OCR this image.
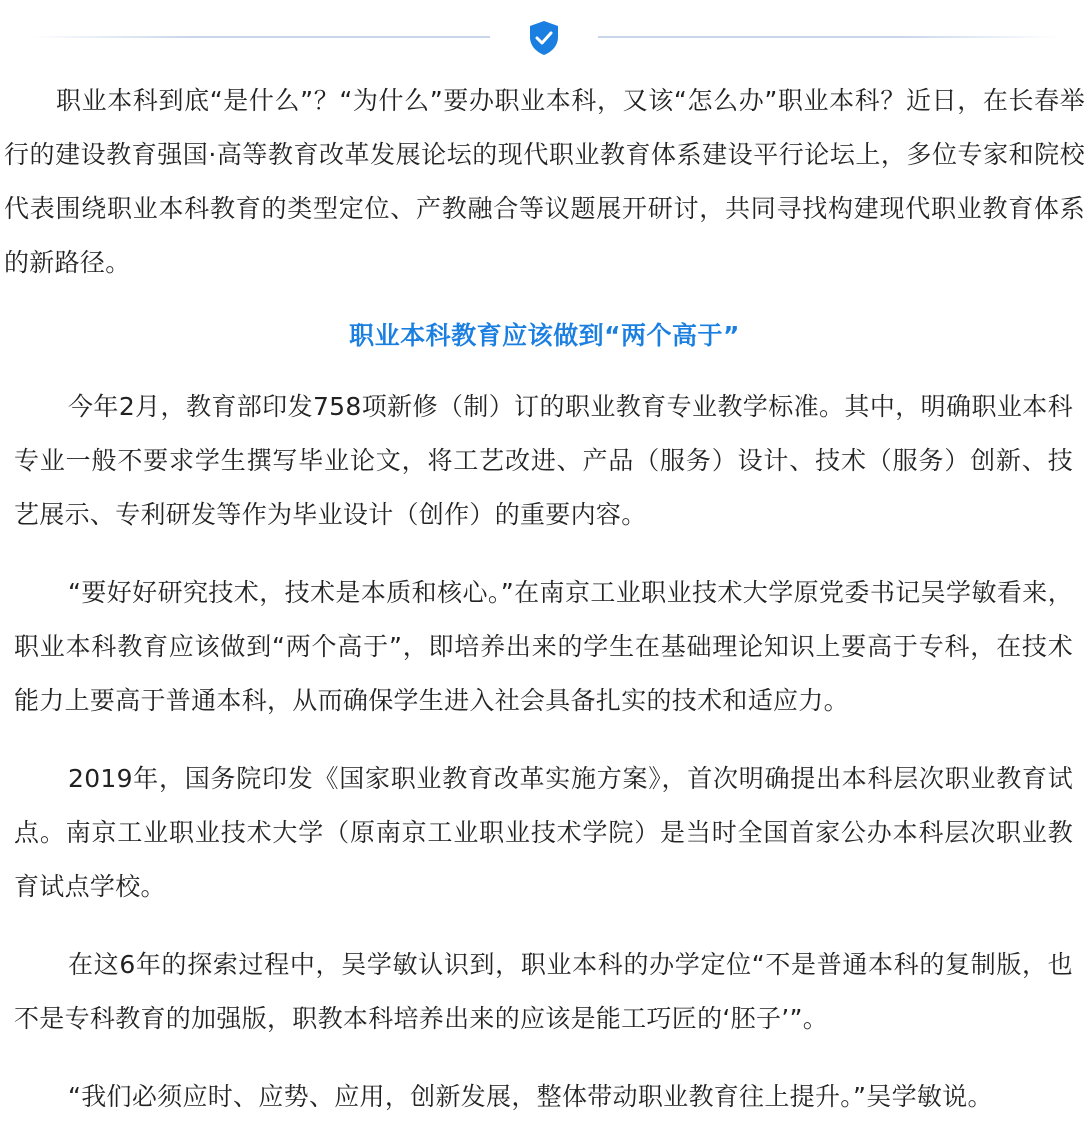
职业本科到底“是什么”？“为什么”要办职业本科，又该“怎么办”职业本科？近日，在长春举行的建设教育强国·高等教育改革发展论坛的现代职业教育体系建设平行论坛上，多位专家和院校代表围绕职业本科教育的类型定位、产教融合等议题展开研讨，共同寻找构建现代职业教育体系的新路径。

职业本科教育应该做到“两个高于”

今年2月，教育部印发758项新修（制）订的职业教育专业教学标准。其中，明确职业本科专业一般不要求学生撰写毕业论文，将工艺改进、产品（服务）设计、技术（服务）创新、技艺展示、专利研发等作为毕业设计（创作）的重要内容。

“要好好研究技术，技术是本质和核心。”在南京工业职业技术大学原党委书记吴学敏看来，职业本科教育应该做到“两个高于”，即培养出来的学生在基础理论知识上要高于专科，在技术能力上要高于普通本科，从而确保学生进入社会具备扎实的技术和适应力。

2019年，国务院印发《国家职业教育改革实施方案》，首次明确提出本科层次职业教育试点。南京工业职业技术大学（原南京工业职业技术学院）是当时全国首家公办本科层次职业教育试点学校。

在这6年的探索过程中，吴学敏认识到，职业本科的办学定位“不是普通本科的复制版，也不是专科教育的加强版，职教本科培养出来的应该是能工巧匠的‘胚子’”。

“我们必须应时、应势、应用，创新发展，整体带动职业教育往上提升。”吴学敏说。
